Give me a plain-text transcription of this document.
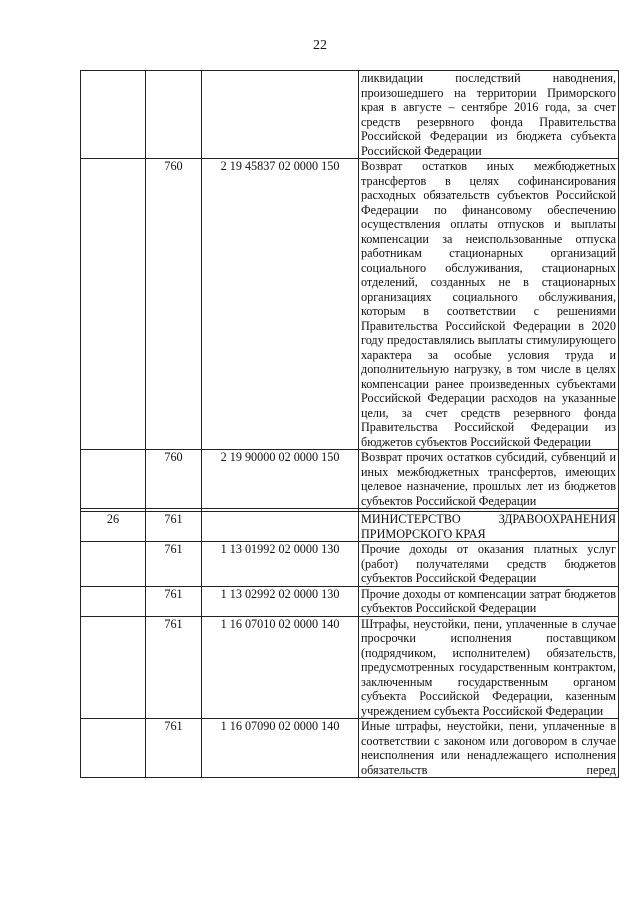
22
			ликвидации последствий наводнения, произошедшего на территории Приморского края в августе – сентябре 2016 года, за счет средств резервного фонда Правительства Российской Федерации из бюджета субъекта Российской Федерации
	760	2 19 45837 02 0000 150	Возврат остатков иных межбюджетных трансфертов в целях софинансирования расходных обязательств субъектов Российской Федерации по финансовому обеспечению осуществления оплаты отпусков и выплаты компенсации за неиспользованные отпуска работникам стационарных организаций социального обслуживания, стационарных отделений, созданных не в стационарных организациях социального обслуживания, которым в соответствии с решениями Правительства Российской Федерации в 2020 году предоставлялись выплаты стимулирующего характера за особые условия труда и дополнительную нагрузку, в том числе в целях компенсации ранее произведенных субъектами Российской Федерации расходов на указанные цели, за счет средств резервного фонда Правительства Российской Федерации из бюджетов субъектов Российской Федерации
	760	2 19 90000 02 0000 150	Возврат прочих остатков субсидий, субвенций и иных межбюджетных трансфертов, имеющих целевое назначение, прошлых лет из бюджетов субъектов Российской Федерации

26	761		МИНИСТЕРСТВО ЗДРАВООХРАНЕНИЯ ПРИМОРСКОГО КРАЯ
	761	1 13 01992 02 0000 130	Прочие доходы от оказания платных услуг (работ) получателями средств бюджетов субъектов Российской Федерации
	761	1 13 02992 02 0000 130	Прочие доходы от компенсации затрат бюджетов субъектов Российской Федерации
	761	1 16 07010 02 0000 140	Штрафы, неустойки, пени, уплаченные в случае просрочки исполнения поставщиком (подрядчиком, исполнителем) обязательств, предусмотренных государственным контрактом, заключенным государственным органом субъекта Российской Федерации, казенным учреждением субъекта Российской Федерации
	761	1 16 07090 02 0000 140	Иные штрафы, неустойки, пени, уплаченные в соответствии с законом или договором в случае неисполнения или ненадлежащего исполнения обязательств перед
